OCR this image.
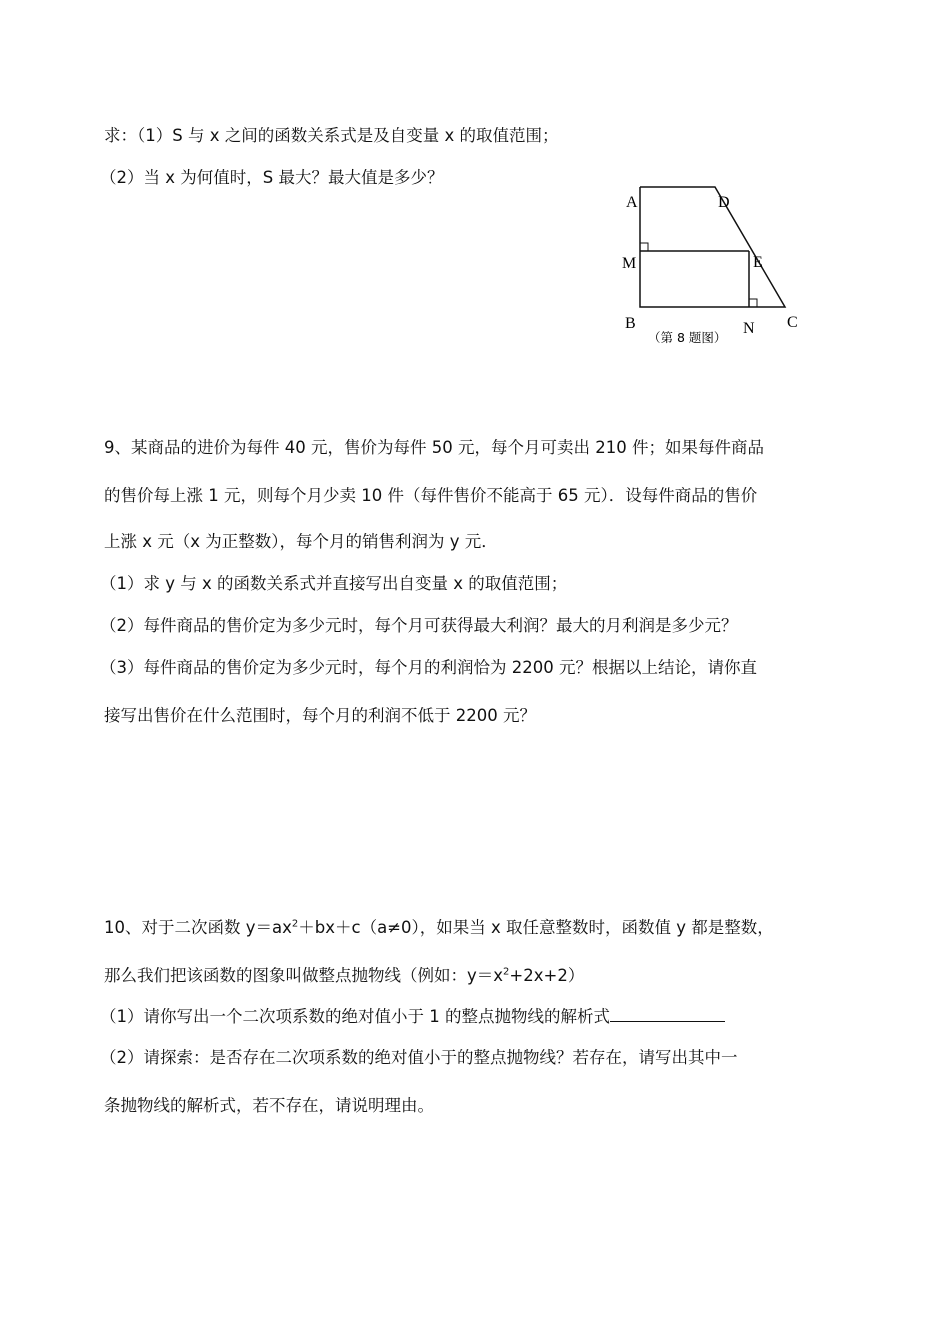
求：（1）S 与 x 之间的函数关系式是及自变量 x 的取值范围；
（2）当 x 为何值时，S 最大？最大值是多少？
A	D
M	E
B	N C
（第 8 题图）
9、某商品的进价为每件 40 元，售价为每件 50 元，每个月可卖出 210 件；如果每件商品
的售价每上涨 1 元，则每个月少卖 10 件（每件售价不能高于 65 元）．设每件商品的售价
上涨 x 元（x 为正整数），每个月的销售利润为 y 元．
（1）求 y 与 x 的函数关系式并直接写出自变量 x 的取值范围；
（2）每件商品的售价定为多少元时，每个月可获得最大利润？最大的月利润是多少元？
（3）每件商品的售价定为多少元时，每个月的利润恰为 2200 元？根据以上结论，请你直
接写出售价在什么范围时，每个月的利润不低于 2200 元？
10、对于二次函数 $y=ax^2+bx+c(a\ne 0)$，如果当 x 取任意整数时，函数值 y 都是整数，
那么我们把该函数的图象叫做整点抛物线（例如：$y=x^2+2x+2$）
（1）请你写出一个二次项系数的绝对值小于 1 的整点抛物线的解析式
（2）请探索：是否存在二次项系数的绝对值小于的整点抛物线？若存在，请写出其中一
条抛物线的解析式，若不存在，请说明理由。
